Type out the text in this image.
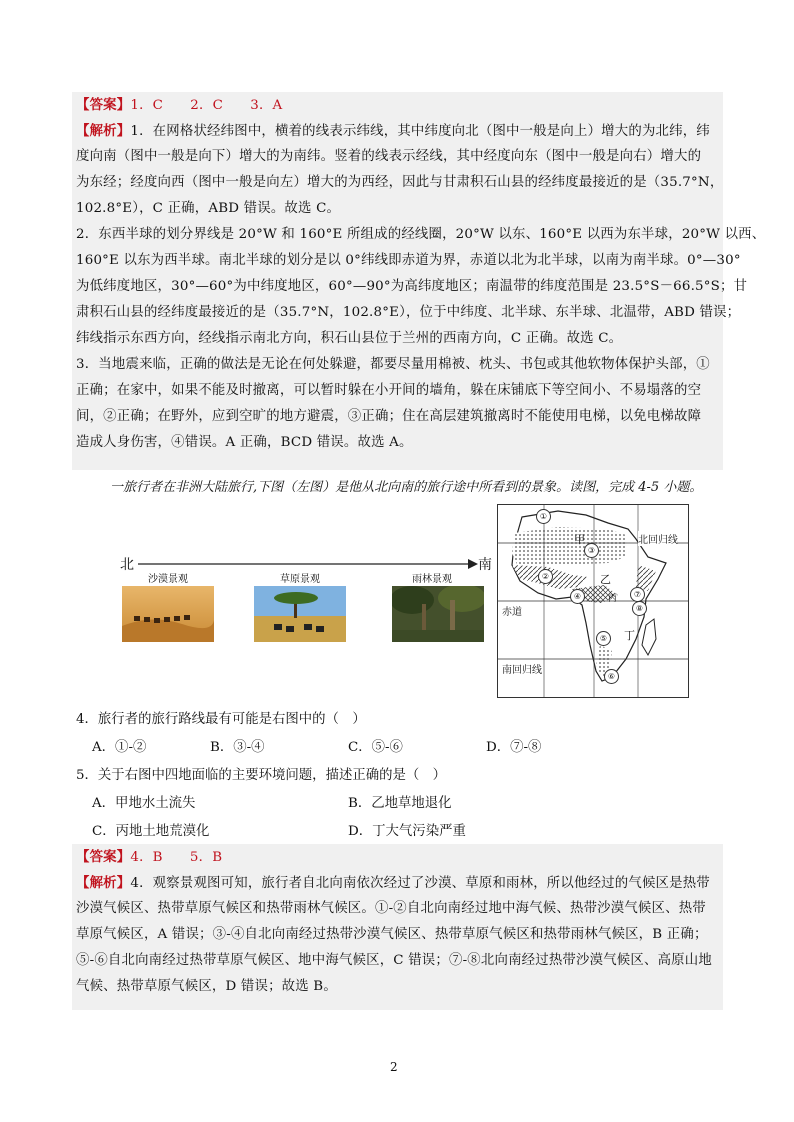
【答案】1．C　　2．C　　3．A
【解析】1．在网格状经纬图中，横着的线表示纬线，其中纬度向北（图中一般是向上）增大的为北纬，纬
度向南（图中一般是向下）增大的为南纬。竖着的线表示经线，其中经度向东（图中一般是向右）增大的
为东经；经度向西（图中一般是向左）增大的为西经，因此与甘肃积石山县的经纬度最接近的是（35.7°N，
102.8°E），C 正确，ABD 错误。故选 C。
2．东西半球的划分界线是 20°W 和 160°E 所组成的经线圈，20°W 以东、160°E 以西为东半球，20°W 以西、
160°E 以东为西半球。南北半球的划分是以 0°纬线即赤道为界，赤道以北为北半球，以南为南半球。0°—30°
为低纬度地区，30°—60°为中纬度地区，60°—90°为高纬度地区；南温带的纬度范围是 23.5°S－66.5°S；甘
肃积石山县的经纬度最接近的是（35.7°N，102.8°E），位于中纬度、北半球、东半球、北温带，ABD 错误；
纬线指示东西方向，经线指示南北方向，积石山县位于兰州的西南方向，C 正确。故选 C。
3．当地震来临，正确的做法是无论在何处躲避，都要尽量用棉被、枕头、书包或其他软物体保护头部，①
正确；在家中，如果不能及时撤离，可以暂时躲在小开间的墙角，躲在床铺底下等空间小、不易塌落的空
间，②正确；在野外，应到空旷的地方避震，③正确；住在高层建筑撤离时不能使用电梯，以免电梯故障
造成人身伤害，④错误。A 正确，BCD 错误。故选 A。
一旅行者在非洲大陆旅行,下图（左图）是他从北向南的旅行途中所看到的景象。读图，完成 4-5 小题。
北	南
沙漠景观	草原景观	雨林景观
北回归线
赤道
南回归线
甲
乙
丙
丁
①
②
③
④
⑤
⑥
⑦
⑧
4．旅行者的旅行路线最有可能是右图中的（　）
A．①-②	B．③-④	C．⑤-⑥	D．⑦-⑧
5．关于右图中四地面临的主要环境问题，描述正确的是（　）
A．甲地水土流失	B．乙地草地退化
C．丙地土地荒漠化	D．丁大气污染严重
【答案】4．B　　5．B
【解析】4．观察景观图可知，旅行者自北向南依次经过了沙漠、草原和雨林，所以他经过的气候区是热带
沙漠气候区、热带草原气候区和热带雨林气候区。①-②自北向南经过地中海气候、热带沙漠气候区、热带
草原气候区，A 错误；③-④自北向南经过热带沙漠气候区、热带草原气候区和热带雨林气候区，B 正确；
⑤-⑥自北向南经过热带草原气候区、地中海气候区，C 错误；⑦-⑧北向南经过热带沙漠气候区、高原山地
气候、热带草原气候区，D 错误；故选 B。
2
